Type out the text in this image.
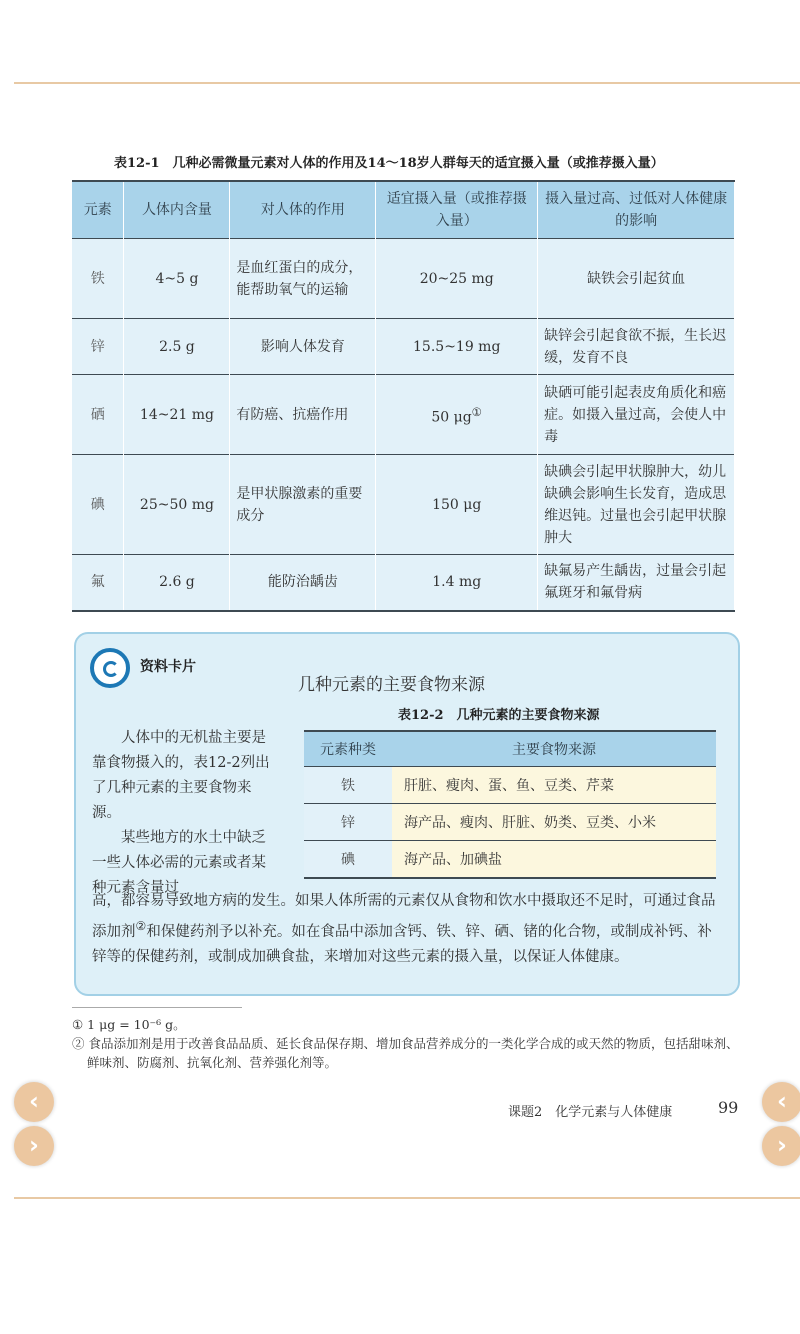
表12-1　几种必需微量元素对人体的作用及14～18岁人群每天的适宜摄入量（或推荐摄入量）
元素	人体内含量	对人体的作用	适宜摄入量（或推荐摄入量）	摄入量过高、过低对人体健康的影响
铁	4~5 g	是血红蛋白的成分，能帮助氧气的运输	20~25 mg	缺铁会引起贫血
锌	2.5 g	影响人体发育	15.5~19 mg	缺锌会引起食欲不振，生长迟缓，发育不良
硒	14~21 mg	有防癌、抗癌作用	50 μg①	缺硒可能引起表皮角质化和癌症。如摄入量过高，会使人中毒
碘	25~50 mg	是甲状腺激素的重要成分	150 μg	缺碘会引起甲状腺肿大，幼儿缺碘会影响生长发育，造成思维迟钝。过量也会引起甲状腺肿大
氟	2.6 g	能防治龋齿	1.4 mg	缺氟易产生龋齿，过量会引起氟斑牙和氟骨病
资料卡片
几种元素的主要食物来源
表12-2　几种元素的主要食物来源

人体中的无机盐主要是靠食物摄入的，表12-2列出了几种元素的主要食物来源。

某些地方的水土中缺乏一些人体必需的元素或者某种元素含量过

元素种类	主要食物来源
铁	肝脏、瘦肉、蛋、鱼、豆类、芹菜
锌	海产品、瘦肉、肝脏、奶类、豆类、小米
碘	海产品、加碘盐
高，都容易导致地方病的发生。如果人体所需的元素仅从食物和饮水中摄取还不足时，可通过食品添加剂②和保健药剂予以补充。如在食品中添加含钙、铁、锌、硒、锗的化合物，或制成补钙、补锌等的保健药剂，或制成加碘食盐，来增加对这些元素的摄入量，以保证人体健康。
① 1 μg = 10⁻⁶ g。
② 食品添加剂是用于改善食品品质、延长食品保存期、增加食品营养成分的一类化学合成的或天然的物质，包括甜味剂、鲜味剂、防腐剂、抗氧化剂、营养强化剂等。
课题2　化学元素与人体健康	99
‹
›
‹
›
